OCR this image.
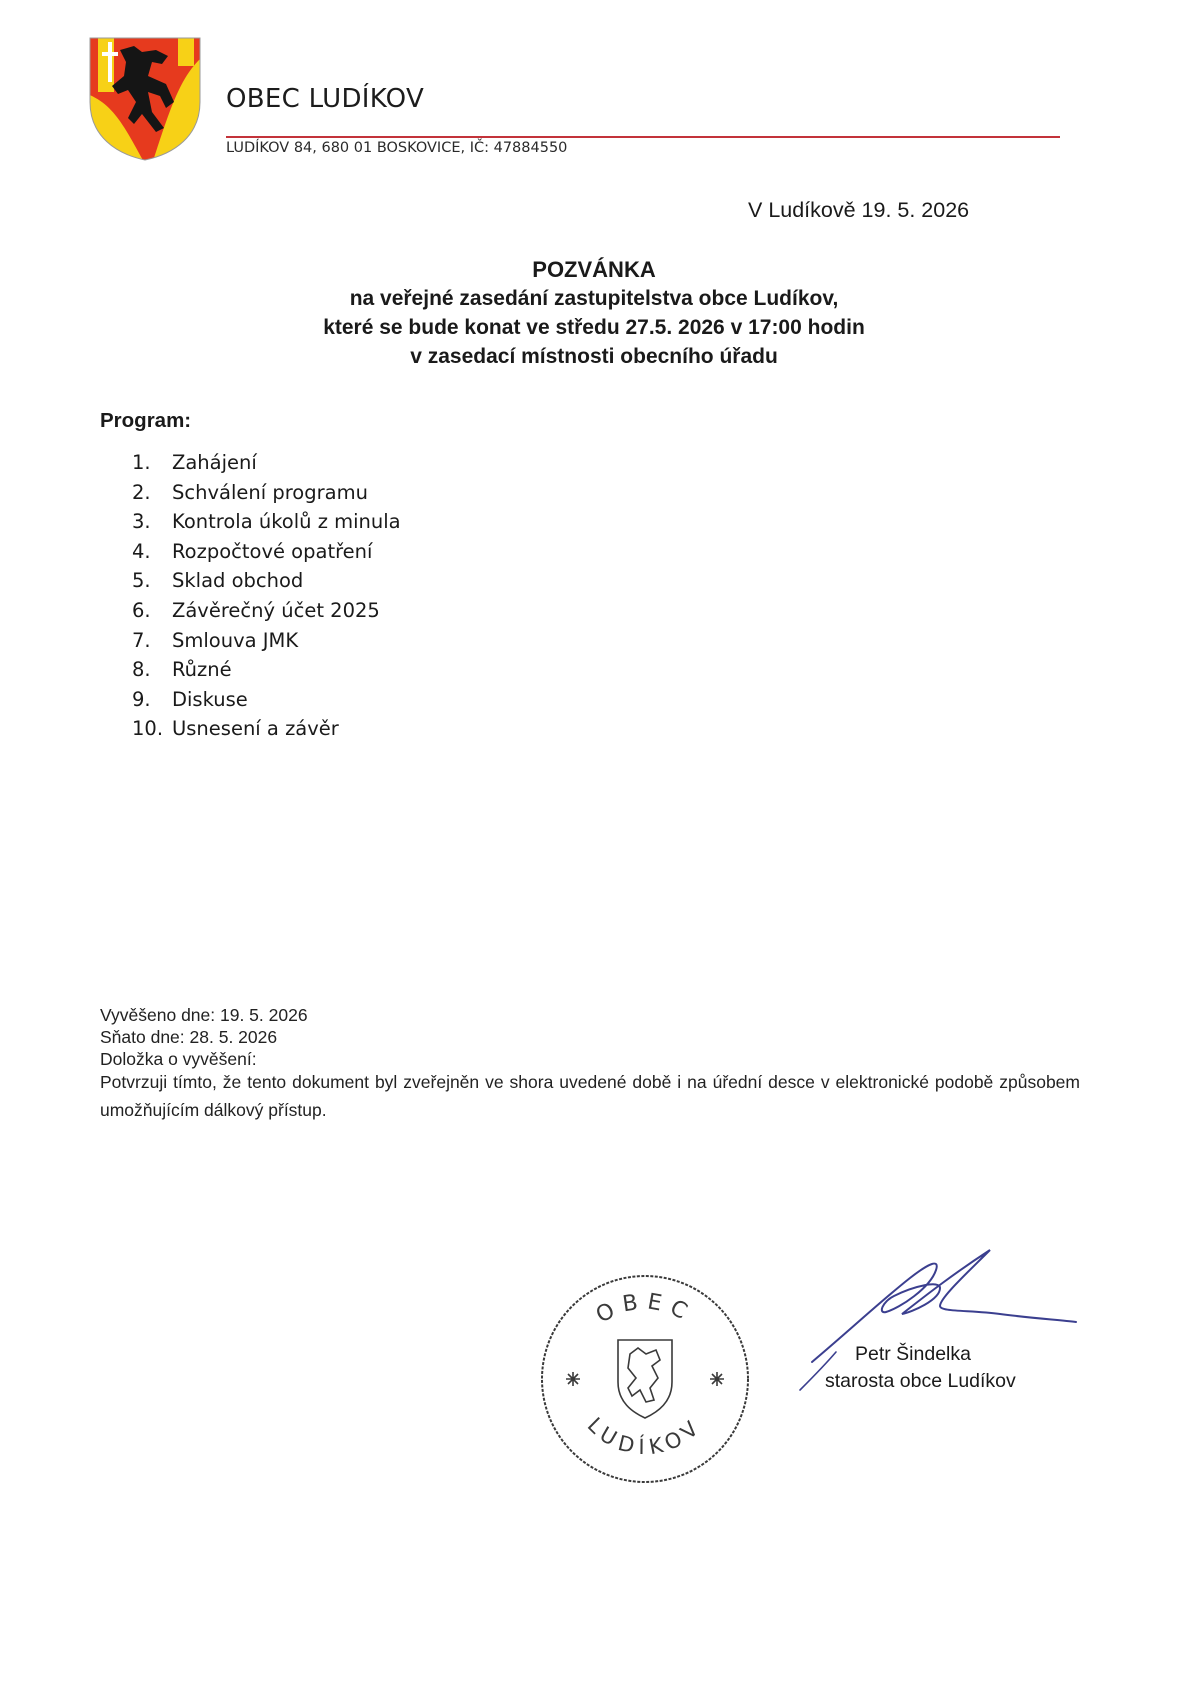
OBEC LUDÍKOV
LUDÍKOV 84, 680 01 BOSKOVICE, IČ: 47884550
V Ludíkově 19. 5. 2026
POZVÁNKA
na veřejné zasedání zastupitelstva obce Ludíkov,
které se bude konat ve středu 27.5. 2026 v 17:00 hodin
v zasedací místnosti obecního úřadu
Program:
1. Zahájení
2. Schválení programu
3. Kontrola úkolů z minula
4. Rozpočtové opatření
5. Sklad obchod
6. Závěrečný účet 2025
7. Smlouva JMK
8. Různé
9. Diskuse
10. Usnesení a závěr
Vyvěšeno dne: 19. 5. 2026
Sňato dne: 28. 5. 2026
Doložka o vyvěšení:
Potvrzuji tímto, že tento dokument byl zveřejněn ve shora uvedené době i na úřední desce v elektronické podobě způsobem umožňujícím dálkový přístup.
OBEC
LUDÍKOV
Petr Šindelka
starosta obce Ludíkov
